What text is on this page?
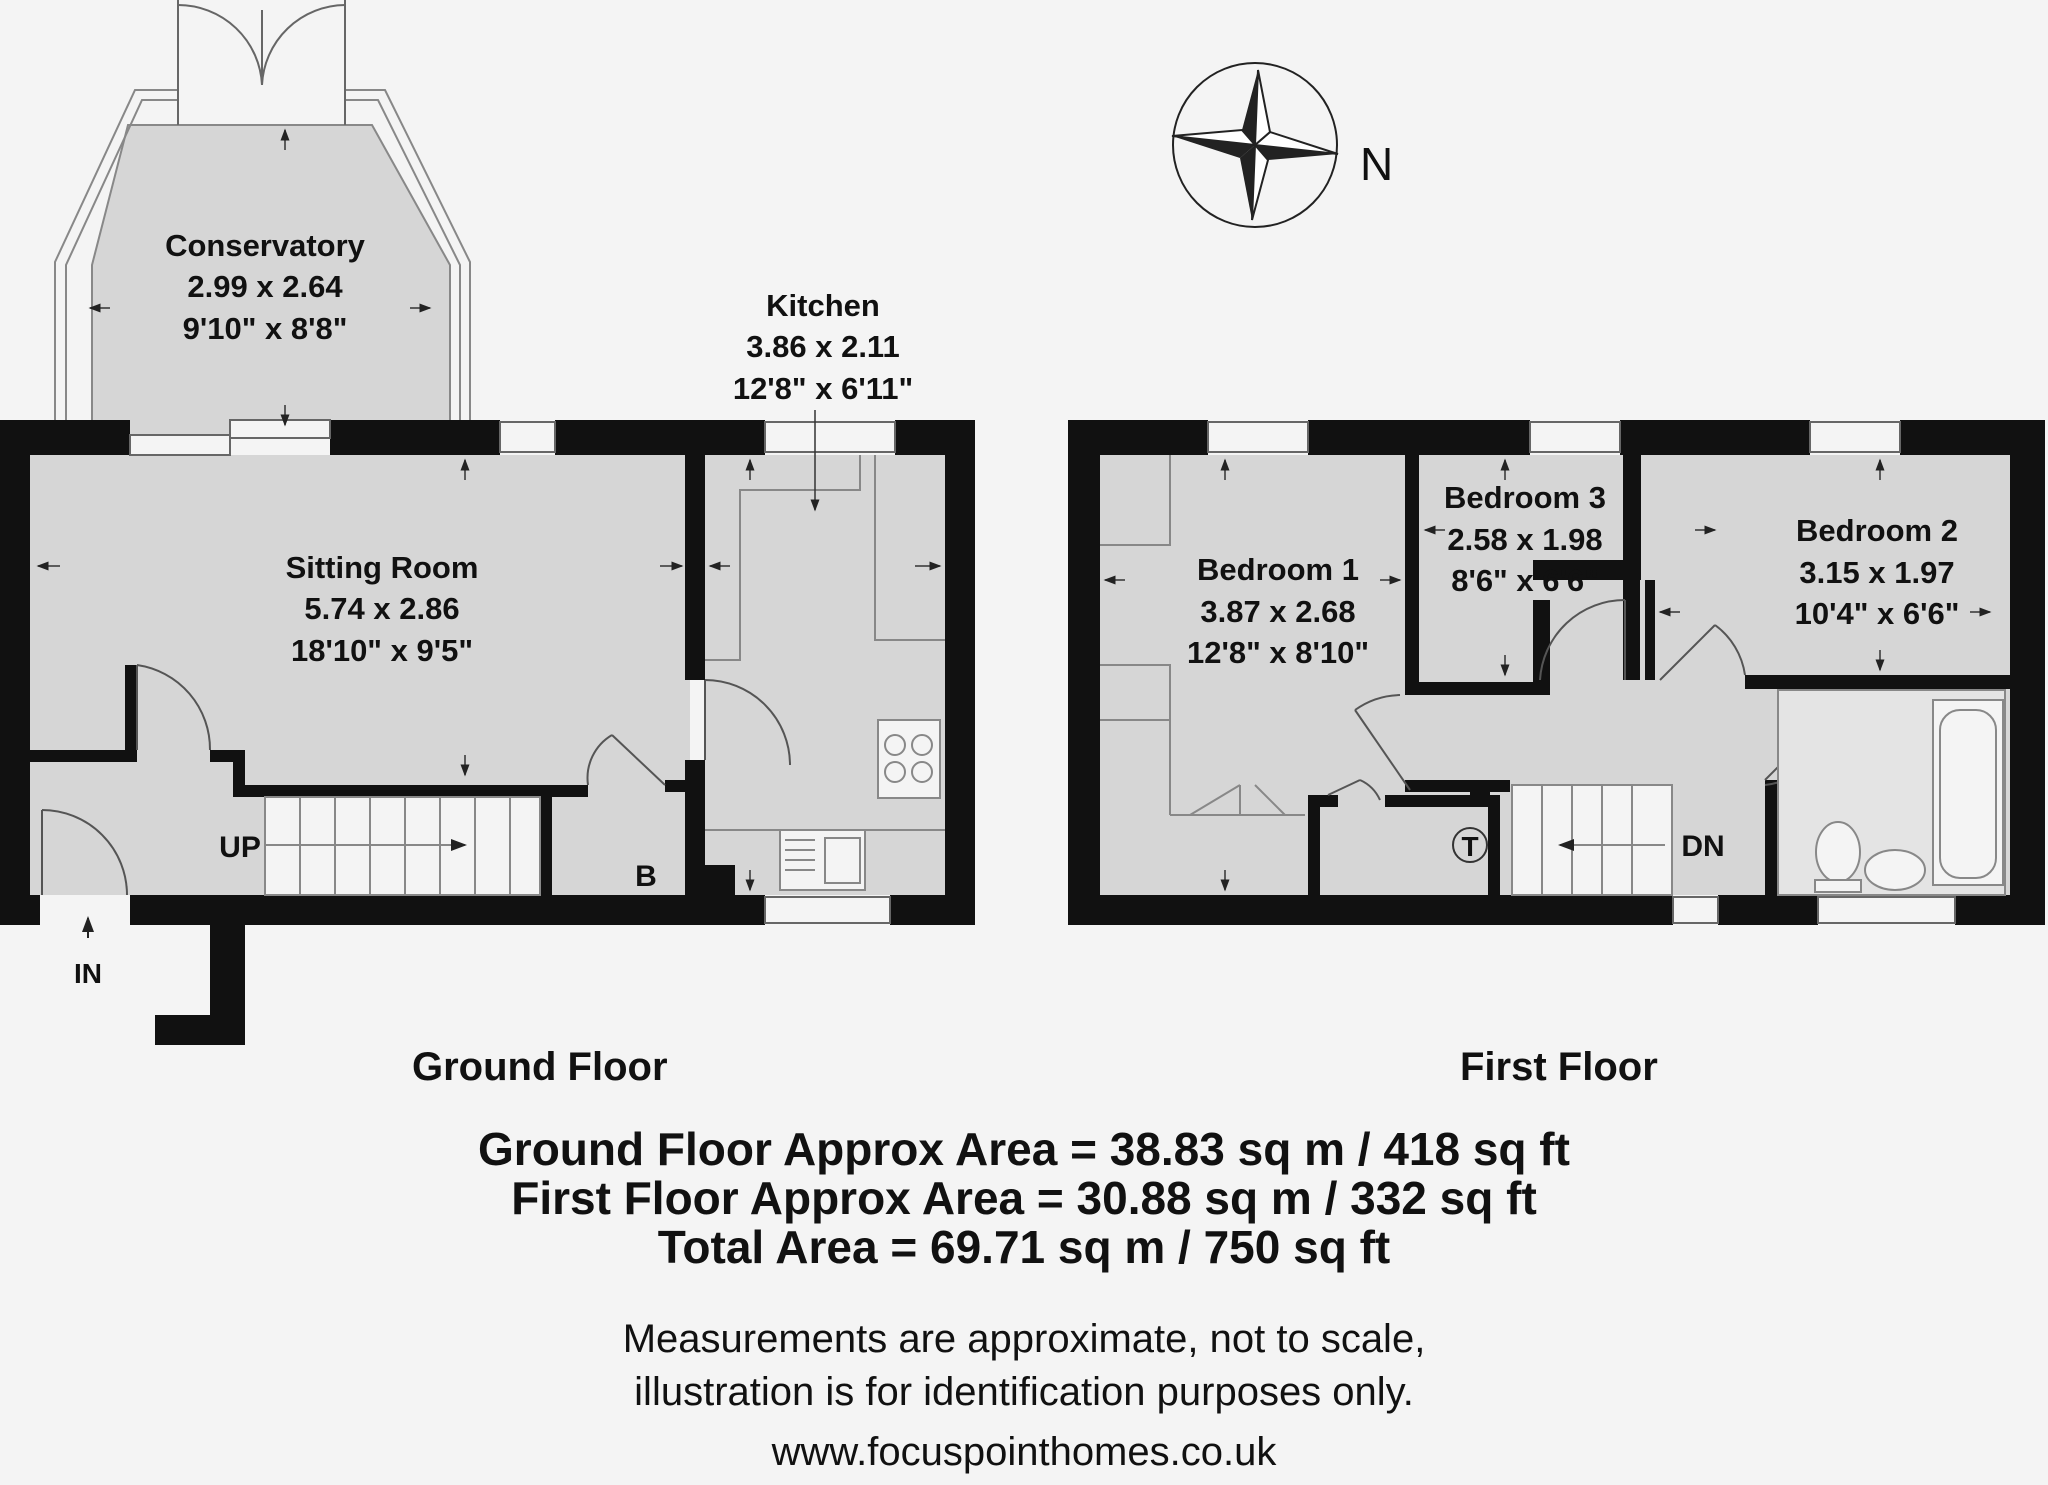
N
Conservatory
2.99 x 2.64
9'10" x 8'8"
Kitchen
3.86 x 2.11
12'8" x 6'11"
Sitting Room
5.74 x 2.86
18'10" x 9'5"
UP
B
IN
Bedroom 1
3.87 x 2.68
12'8" x 8'10"
Bedroom 3
2.58 x 1.98
8'6" x 6'6"
Bedroom 2
3.15 x 1.97
10'4" x 6'6"
DN
T
Ground Floor	First Floor
Ground Floor Approx Area = 38.83 sq m / 418 sq ft
First Floor Approx Area = 30.88 sq m / 332 sq ft
Total Area = 69.71 sq m / 750 sq ft
Measurements are approximate, not to scale,
illustration is for identification purposes only.
www.focuspointhomes.co.uk
